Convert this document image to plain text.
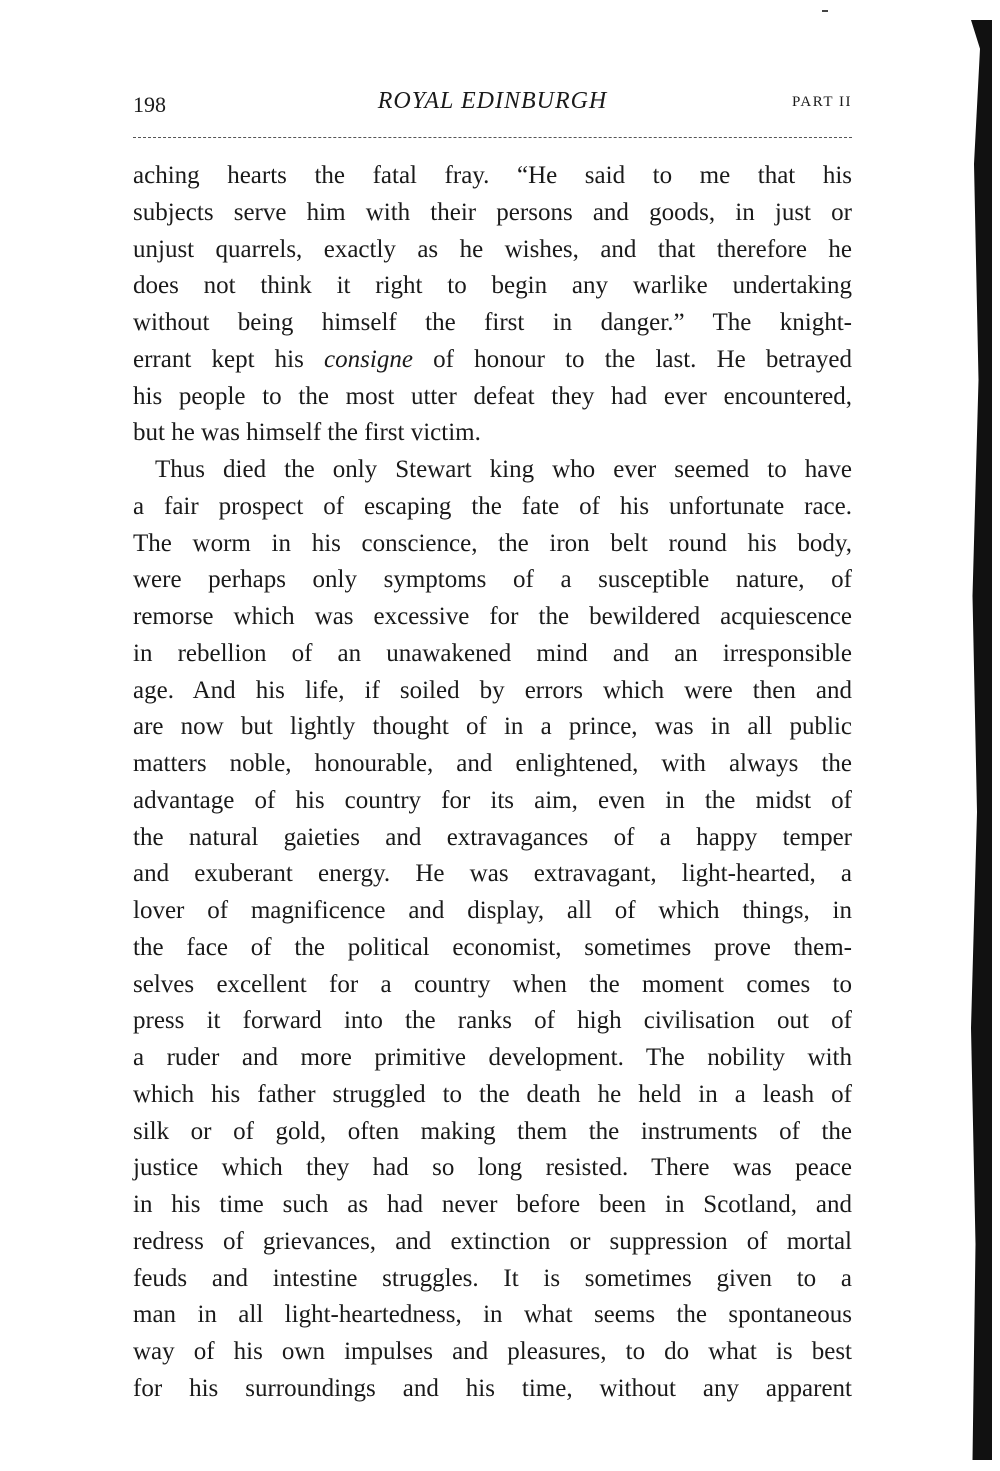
198	ROYAL EDINBURGH	PART II
aching hearts the fatal fray. “He said to me that his
subjects serve him with their persons and goods, in just or
unjust quarrels, exactly as he wishes, and that therefore he
does not think it right to begin any warlike undertaking
without being himself the first in danger.” The knight-
errant kept his consigne of honour to the last. He betrayed
his people to the most utter defeat they had ever encountered,
but he was himself the first victim.
Thus died the only Stewart king who ever seemed to have
a fair prospect of escaping the fate of his unfortunate race.
The worm in his conscience, the iron belt round his body,
were perhaps only symptoms of a susceptible nature, of
remorse which was excessive for the bewildered acquiescence
in rebellion of an unawakened mind and an irresponsible
age. And his life, if soiled by errors which were then and
are now but lightly thought of in a prince, was in all public
matters noble, honourable, and enlightened, with always the
advantage of his country for its aim, even in the midst of
the natural gaieties and extravagances of a happy temper
and exuberant energy. He was extravagant, light-hearted, a
lover of magnificence and display, all of which things, in
the face of the political economist, sometimes prove them-
selves excellent for a country when the moment comes to
press it forward into the ranks of high civilisation out of
a ruder and more primitive development. The nobility with
which his father struggled to the death he held in a leash of
silk or of gold, often making them the instruments of the
justice which they had so long resisted. There was peace
in his time such as had never before been in Scotland, and
redress of grievances, and extinction or suppression of mortal
feuds and intestine struggles. It is sometimes given to a
man in all light-heartedness, in what seems the spontaneous
way of his own impulses and pleasures, to do what is best
for his surroundings and his time, without any apparent
